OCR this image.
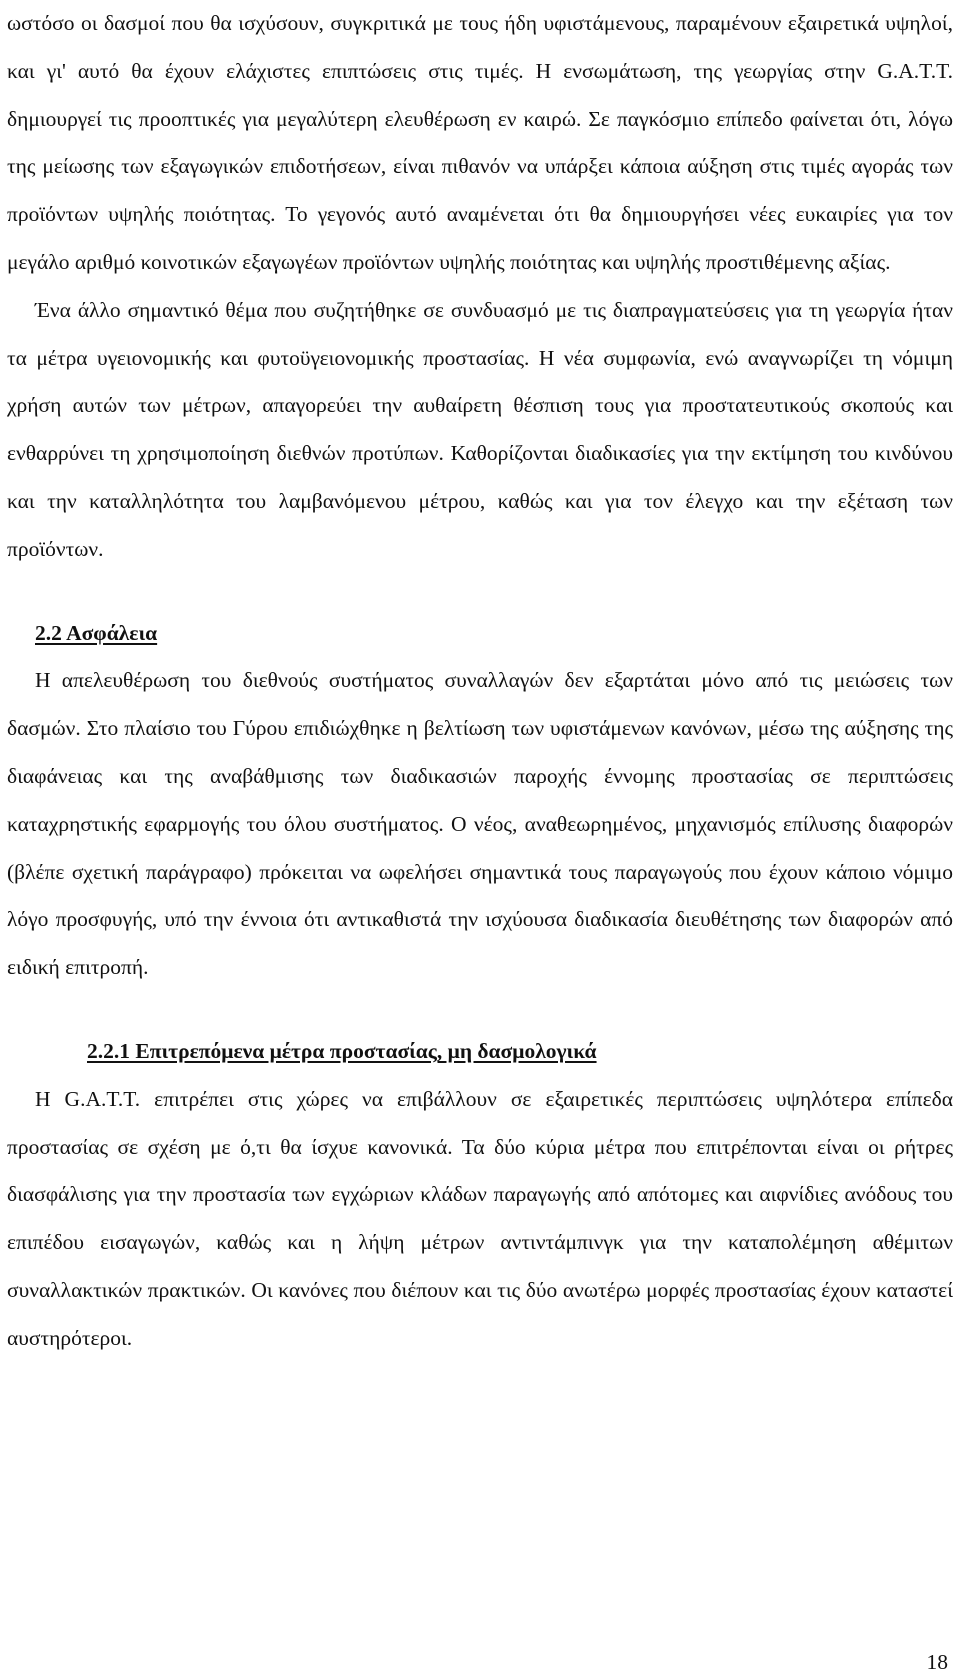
ωστόσο οι δασμοί που θα ισχύσουν, συγκριτικά με τους ήδη υφιστάμενους, παραμένουν εξαιρετικά υψηλοί, και γι' αυτό θα έχουν ελάχιστες επιπτώσεις στις τιμές. Η ενσωμάτωση, της γεωργίας στην G.A.T.T. δημιουργεί τις προοπτικές για μεγαλύτερη ελευθέρωση εν καιρώ. Σε παγκόσμιο επίπεδο φαίνεται ότι, λόγω της μείωσης των εξαγωγικών επιδοτήσεων, είναι πιθανόν να υπάρξει κάποια αύξηση στις τιμές αγοράς των προϊόντων υψηλής ποιότητας. Το γεγονός αυτό αναμένεται ότι θα δημιουργήσει νέες ευκαιρίες για τον μεγάλο αριθμό κοινοτικών εξαγωγέων προϊόντων υψηλής ποιότητας και υψηλής προστιθέμενης αξίας.

Ένα άλλο σημαντικό θέμα που συζητήθηκε σε συνδυασμό με τις διαπραγματεύσεις για τη γεωργία ήταν τα μέτρα υγειονομικής και φυτοϋγειονομικής προστασίας. Η νέα συμφωνία, ενώ αναγνωρίζει τη νόμιμη χρήση αυτών των μέτρων, απαγορεύει την αυθαίρετη θέσπιση τους για προστατευτικούς σκοπούς και ενθαρρύνει τη χρησιμοποίηση διεθνών προτύπων. Καθορίζονται διαδικασίες για την εκτίμηση του κινδύνου και την καταλληλότητα του λαμβανόμενου μέτρου, καθώς και για τον έλεγχο και την εξέταση των προϊόντων.

2.2 Ασφάλεια

Η απελευθέρωση του διεθνούς συστήματος συναλλαγών δεν εξαρτάται μόνο από τις μειώσεις των δασμών. Στο πλαίσιο του Γύρου επιδιώχθηκε η βελτίωση των υφιστάμενων κανόνων, μέσω της αύξησης της διαφάνειας και της αναβάθμισης των διαδικασιών παροχής έννομης προστασίας σε περιπτώσεις καταχρηστικής εφαρμογής του όλου συστήματος. Ο νέος, αναθεωρημένος, μηχανισμός επίλυσης διαφορών (βλέπε σχετική παράγραφο) πρόκειται να ωφελήσει σημαντικά τους παραγωγούς που έχουν κάποιο νόμιμο λόγο προσφυγής, υπό την έννοια ότι αντικαθιστά την ισχύουσα διαδικασία διευθέτησης των διαφορών από ειδική επιτροπή.

2.2.1 Επιτρεπόμενα μέτρα προστασίας, μη δασμολογικά

Η G.A.T.T. επιτρέπει στις χώρες να επιβάλλουν σε εξαιρετικές περιπτώσεις υψηλότερα επίπεδα προστασίας σε σχέση με ό,τι θα ίσχυε κανονικά. Τα δύο κύρια μέτρα που επιτρέπονται είναι οι ρήτρες διασφάλισης για την προστασία των εγχώριων κλάδων παραγωγής από απότομες και αιφνίδιες ανόδους του επιπέδου εισαγωγών, καθώς και η λήψη μέτρων αντιντάμπινγκ για την καταπολέμηση αθέμιτων συναλλακτικών πρακτικών. Οι κανόνες που διέπουν και τις δύο ανωτέρω μορφές προστασίας έχουν καταστεί αυστηρότεροι.

18
